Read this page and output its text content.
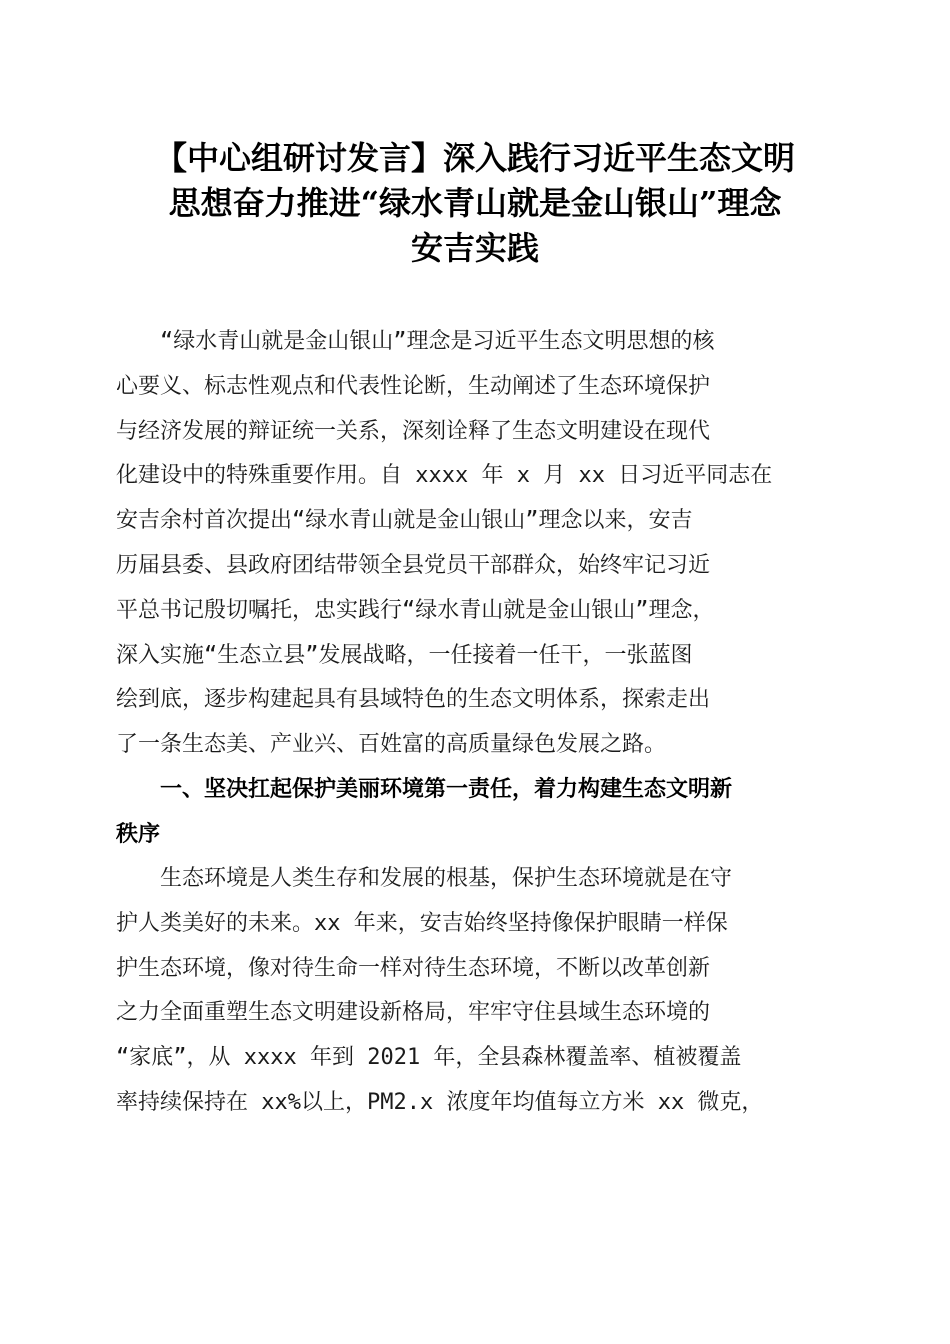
【中心组研讨发言】深入践行习近平生态文明
思想奋力推进“绿水青山就是金山银山”理念
安吉实践
　　“绿水青山就是金山银山”理念是习近平生态文明思想的核
心要义、标志性观点和代表性论断，生动阐述了生态环境保护
与经济发展的辩证统一关系，深刻诠释了生态文明建设在现代
化建设中的特殊重要作用。自 xxxx 年 x 月 xx 日习近平同志在
安吉余村首次提出“绿水青山就是金山银山”理念以来，安吉
历届县委、县政府团结带领全县党员干部群众，始终牢记习近
平总书记殷切嘱托，忠实践行“绿水青山就是金山银山”理念，
深入实施“生态立县”发展战略，一任接着一任干，一张蓝图
绘到底，逐步构建起具有县域特色的生态文明体系，探索走出
了一条生态美、产业兴、百姓富的高质量绿色发展之路。
　　一、坚决扛起保护美丽环境第一责任，着力构建生态文明新
秩序
　　生态环境是人类生存和发展的根基，保护生态环境就是在守
护人类美好的未来。xx 年来，安吉始终坚持像保护眼睛一样保
护生态环境，像对待生命一样对待生态环境，不断以改革创新
之力全面重塑生态文明建设新格局，牢牢守住县域生态环境的
“家底”，从 xxxx 年到 2021 年，全县森林覆盖率、植被覆盖
率持续保持在 xx%以上，PM2.x 浓度年均值每立方米 xx 微克，
